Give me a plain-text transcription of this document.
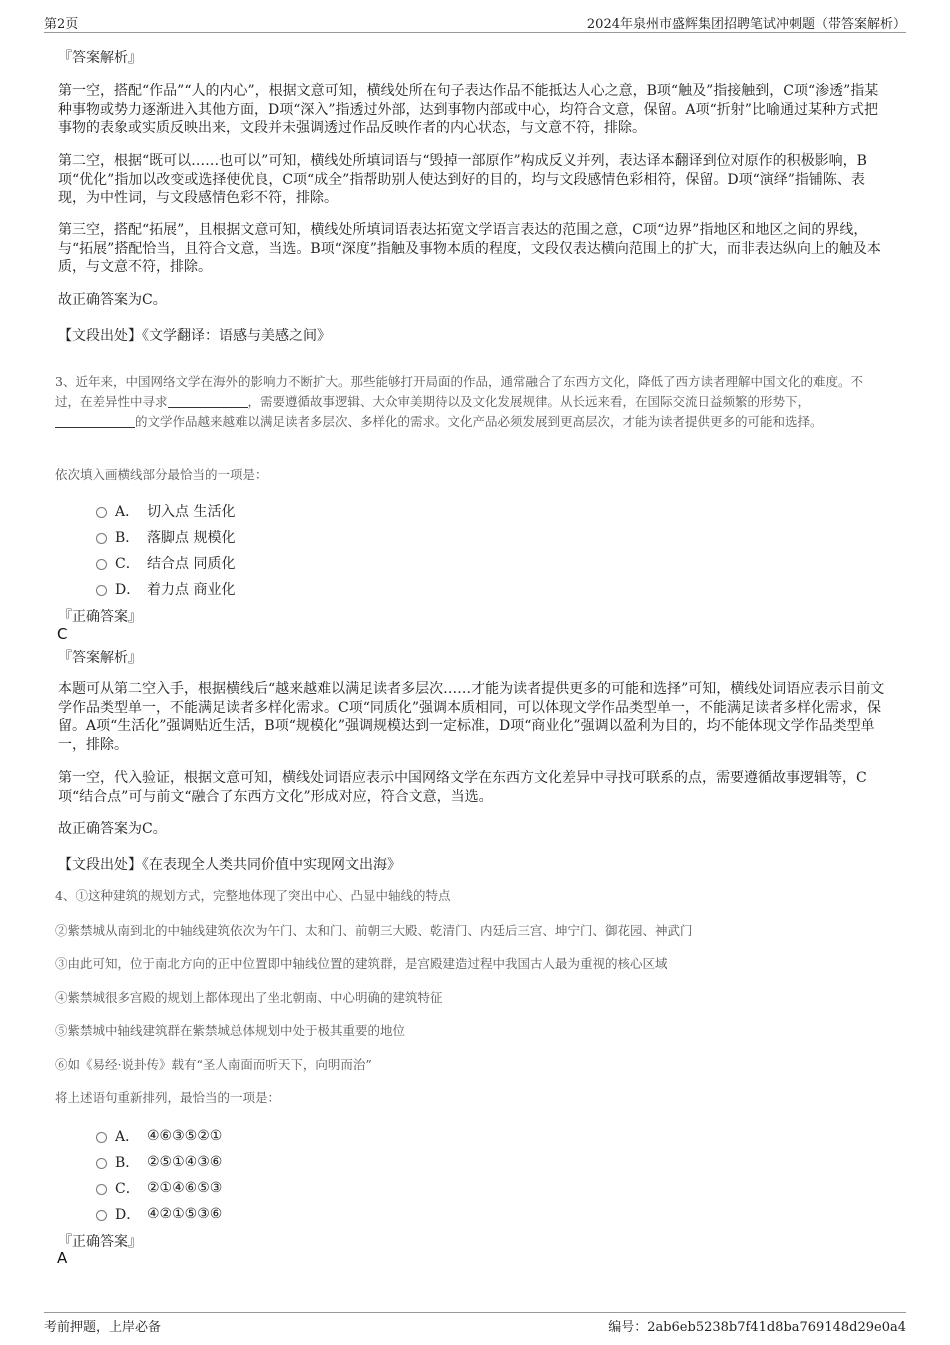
第2页	2024年泉州市盛辉集团招聘笔试冲刺题（带答案解析）
『答案解析』
第一空，搭配“作品”“人的内心”，根据文意可知，横线处所在句子表达作品不能抵达人心之意，B项“触及”指接触到，C项“渗透”指某种事物或势力逐渐进入其他方面，D项“深入”指透过外部，达到事物内部或中心，均符合文意，保留。A项“折射”比喻通过某种方式把事物的表象或实质反映出来，文段并未强调透过作品反映作者的内心状态，与文意不符，排除。
第二空，根据“既可以……也可以”可知，横线处所填词语与“毁掉一部原作”构成反义并列，表达译本翻译到位对原作的积极影响，B项“优化”指加以改变或选择使优良，C项“成全”指帮助别人使达到好的目的，均与文段感情色彩相符，保留。D项“演绎”指铺陈、表现，为中性词，与文段感情色彩不符，排除。
第三空，搭配“拓展”，且根据文意可知，横线处所填词语表达拓宽文学语言表达的范围之意，C项“边界”指地区和地区之间的界线，与“拓展”搭配恰当，且符合文意，当选。B项“深度”指触及事物本质的程度，文段仅表达横向范围上的扩大，而非表达纵向上的触及本质，与文意不符，排除。
故正确答案为C。
【文段出处】《文学翻译：语感与美感之间》
3、近年来，中国网络文学在海外的影响力不断扩大。那些能够打开局面的作品，通常融合了东西方文化，降低了西方读者理解中国文化的难度。不过，在差异性中寻求	，需要遵循故事逻辑、大众审美期待以及文化发展规律。从长远来看，在国际交流日益频繁的形势下，的文学作品越来越难以满足读者多层次、多样化的需求。文化产品必须发展到更高层次，才能为读者提供更多的可能和选择。
依次填入画横线部分最恰当的一项是：
A． 切入点 生活化
B． 落脚点 规模化
C． 结合点 同质化
D． 着力点 商业化
『正确答案』
C
『答案解析』
本题可从第二空入手，根据横线后“越来越难以满足读者多层次……才能为读者提供更多的可能和选择”可知，横线处词语应表示目前文学作品类型单一，不能满足读者多样化需求。C项“同质化”强调本质相同，可以体现文学作品类型单一，不能满足读者多样化需求，保留。A项“生活化”强调贴近生活，B项“规模化”强调规模达到一定标准，D项“商业化”强调以盈利为目的，均不能体现文学作品类型单一，排除。
第一空，代入验证，根据文意可知，横线处词语应表示中国网络文学在东西方文化差异中寻找可联系的点，需要遵循故事逻辑等，C项“结合点”可与前文“融合了东西方文化”形成对应，符合文意，当选。
故正确答案为C。
【文段出处】《在表现全人类共同价值中实现网文出海》
4、①这种建筑的规划方式，完整地体现了突出中心、凸显中轴线的特点
②紫禁城从南到北的中轴线建筑依次为午门、太和门、前朝三大殿、乾清门、内廷后三宫、坤宁门、御花园、神武门
③由此可知，位于南北方向的正中位置即中轴线位置的建筑群，是宫殿建造过程中我国古人最为重视的核心区域
④紫禁城很多宫殿的规划上都体现出了坐北朝南、中心明确的建筑特征
⑤紫禁城中轴线建筑群在紫禁城总体规划中处于极其重要的地位
⑥如《易经·说卦传》载有“圣人南面而听天下，向明而治”
将上述语句重新排列，最恰当的一项是：
A． ④⑥③⑤②①
B． ②⑤①④③⑥
C． ②①④⑥⑤③
D． ④②①⑤③⑥
『正确答案』
A
考前押题，上岸必备	编号：2ab6eb5238b7f41d8ba769148d29e0a4
